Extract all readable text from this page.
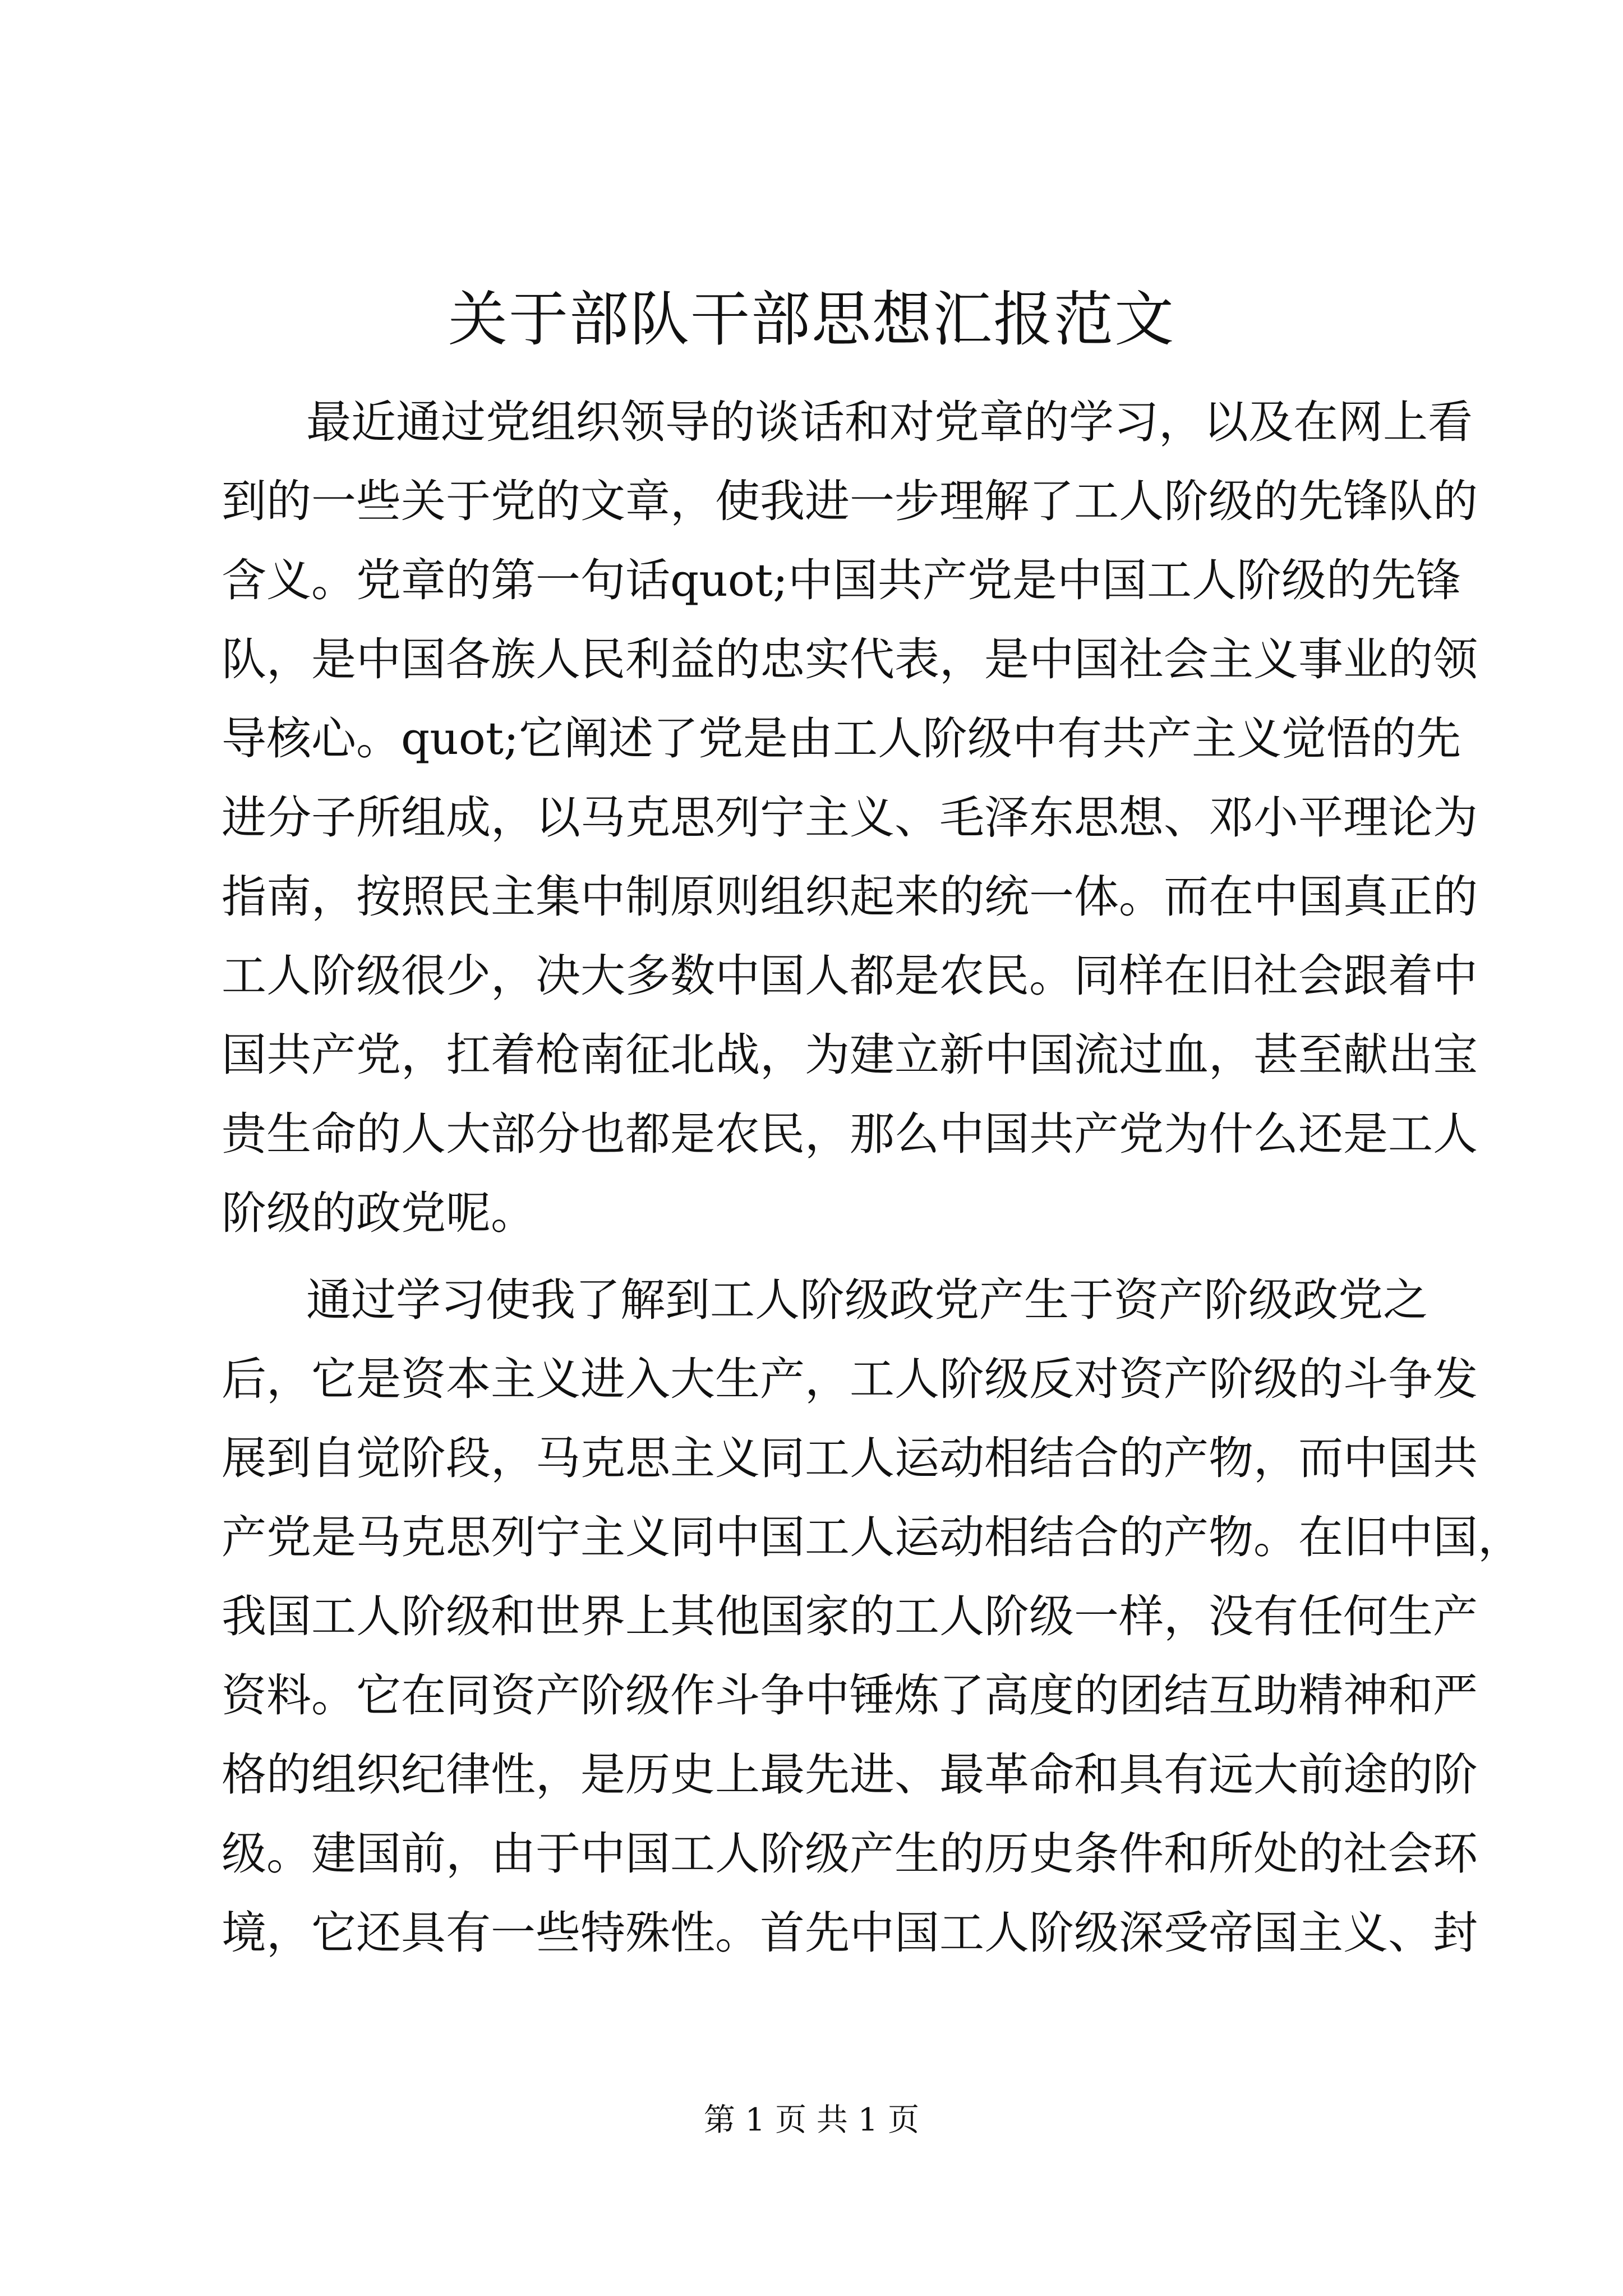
关于部队干部思想汇报范文

最近通过党组织领导的谈话和对党章的学习，以及在网上看

到的一些关于党的文章，使我进一步理解了工人阶级的先锋队的

含义。党章的第一句话quot;中国共产党是中国工人阶级的先锋

队，是中国各族人民利益的忠实代表，是中国社会主义事业的领

导核心。quot;它阐述了党是由工人阶级中有共产主义觉悟的先

进分子所组成，以马克思列宁主义、毛泽东思想、邓小平理论为

指南，按照民主集中制原则组织起来的统一体。而在中国真正的

工人阶级很少，决大多数中国人都是农民。同样在旧社会跟着中

国共产党，扛着枪南征北战，为建立新中国流过血，甚至献出宝

贵生命的人大部分也都是农民，那么中国共产党为什么还是工人

阶级的政党呢。

通过学习使我了解到工人阶级政党产生于资产阶级政党之

后，它是资本主义进入大生产，工人阶级反对资产阶级的斗争发

展到自觉阶段，马克思主义同工人运动相结合的产物，而中国共

产党是马克思列宁主义同中国工人运动相结合的产物。在旧中国，

我国工人阶级和世界上其他国家的工人阶级一样，没有任何生产

资料。它在同资产阶级作斗争中锤炼了高度的团结互助精神和严

格的组织纪律性，是历史上最先进、最革命和具有远大前途的阶

级。建国前，由于中国工人阶级产生的历史条件和所处的社会环

境，它还具有一些特殊性。首先中国工人阶级深受帝国主义、封

第 1 页 共 1 页
